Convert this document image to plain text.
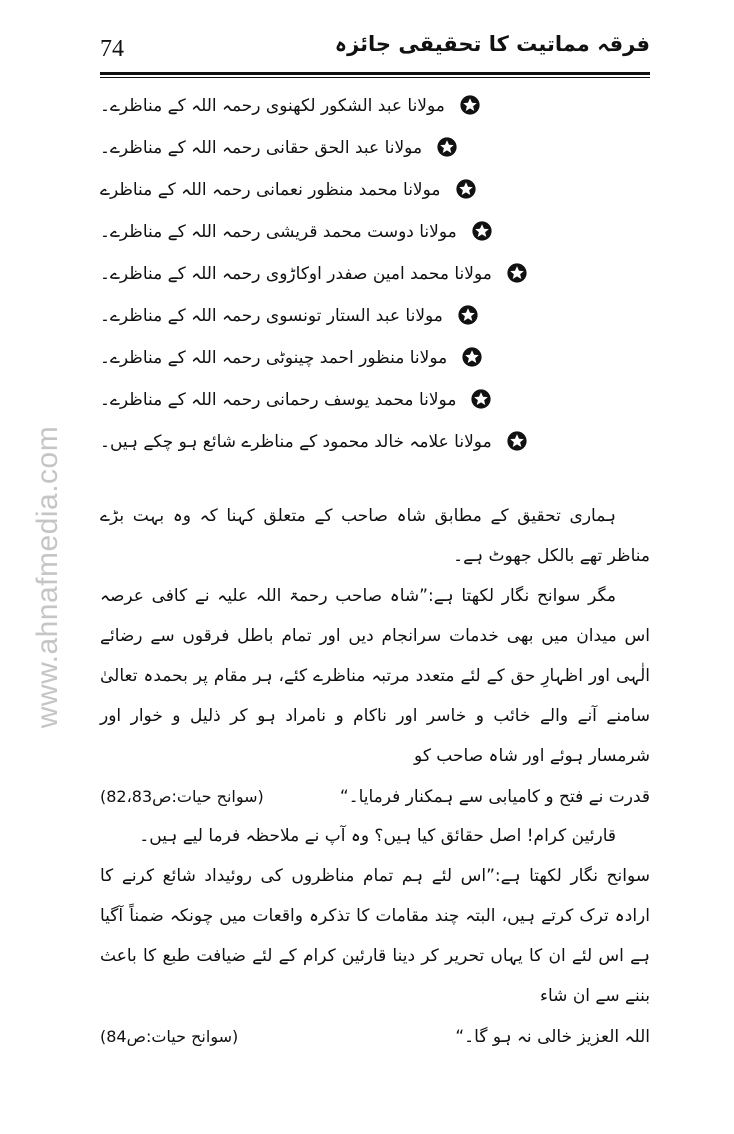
74	فرقہ مماتیت کا تحقیقی جائزہ
www.ahnafmedia.com
مولانا عبد الشکور لکھنوی رحمہ اللہ کے مناظرے۔
مولانا عبد الحق حقانی رحمہ اللہ کے مناظرے۔
مولانا محمد منظور نعمانی رحمہ اللہ کے مناظرے
مولانا دوست محمد قریشی رحمہ اللہ کے مناظرے۔
مولانا محمد امین صفدر اوکاڑوی رحمہ اللہ کے مناظرے۔
مولانا عبد الستار تونسوی رحمہ اللہ کے مناظرے۔
مولانا منظور احمد چینوٹی رحمہ اللہ کے مناظرے۔
مولانا محمد یوسف رحمانی رحمہ اللہ کے مناظرے۔
مولانا علامہ خالد محمود کے مناظرے شائع ہو چکے ہیں۔

ہماری تحقیق کے مطابق شاہ صاحب کے متعلق کہنا کہ وہ بہت بڑے مناظر تھے بالکل جھوٹ ہے۔

مگر سوانح نگار لکھتا ہے:”شاہ صاحب رحمۃ اللہ علیہ نے کافی عرصہ اس میدان میں بھی خدمات سرانجام دیں اور تمام باطل فرقوں سے رضائے الٰہی اور اظہارِ حق کے لئے متعدد مرتبہ مناظرے کئے، ہر مقام پر بحمدہ تعالیٰ سامنے آنے والے خائب و خاسر اور ناکام و نامراد ہو کر ذلیل و خوار اور شرمسار ہوئے اور شاہ صاحب کو

قدرت نے فتح و کامیابی سے ہمکنار فرمایا۔“
(سوانح حیات:ص82،83)

قارئین کرام! اصل حقائق کیا ہیں؟ وہ آپ نے ملاحظہ فرما لیے ہیں۔

سوانح نگار لکھتا ہے:”اس لئے ہم تمام مناظروں کی روئیداد شائع کرنے کا ارادہ ترک کرتے ہیں، البتہ چند مقامات کا تذکرہ واقعات میں چونکہ ضمناً آگیا ہے اس لئے ان کا یہاں تحریر کر دینا قارئین کرام کے لئے ضیافت طبع کا باعث بننے سے ان شاء

اللہ العزیز خالی نہ ہو گا۔“
(سوانح حیات:ص84)
